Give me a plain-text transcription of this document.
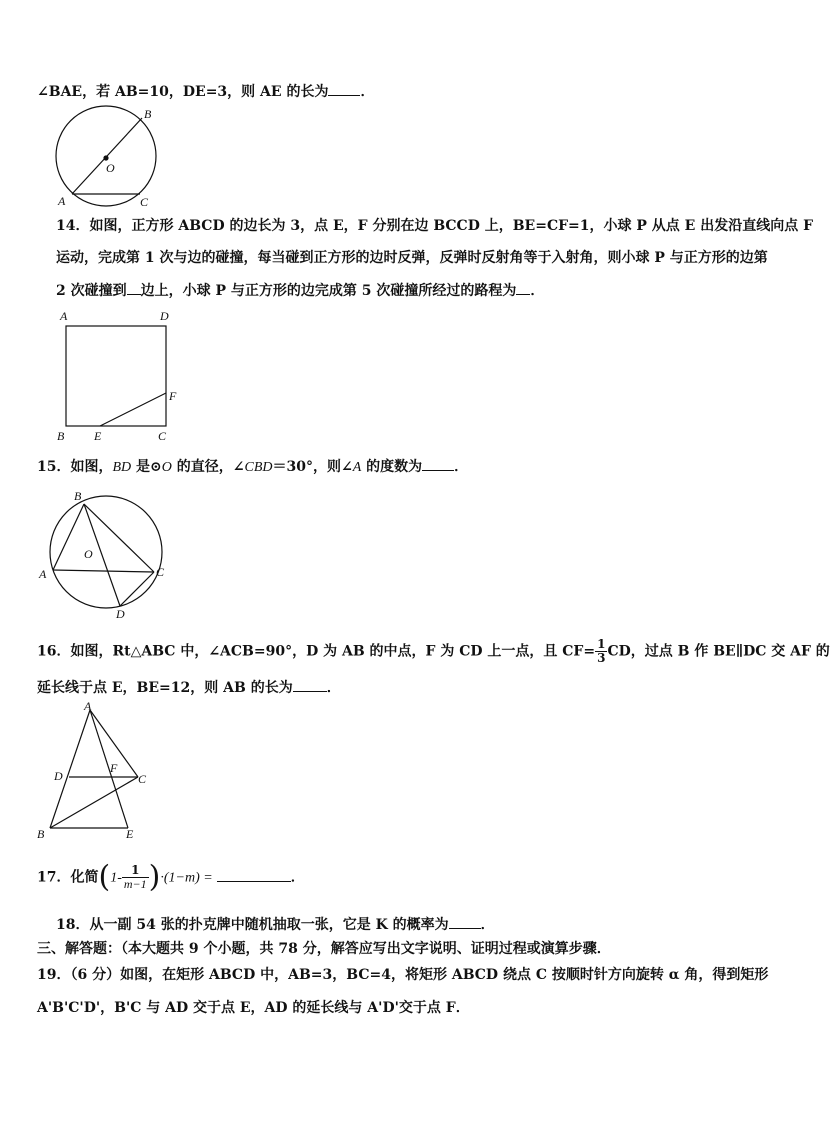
∠BAE，若 AB=10，DE=3，则 AE 的长为 ．
B
O
A	C
14．如图，正方形 ABCD 的边长为 3，点 E，F 分别在边 BCCD 上，BE=CF=1，小球 P 从点 E 出发沿直线向点 F
运动，完成第 1 次与边的碰撞，每当碰到正方形的边时反弹，反弹时反射角等于入射角，则小球 P 与正方形的边第
2 次碰撞到 边上，小球 P 与正方形的边完成第 5 次碰撞所经过的路程为 ．
A	D
F
B E	C
15．如图，BD 是⊙O 的直径，∠CBD＝30°，则∠A 的度数为 ．
B
O
A	C
D
16．如图，Rt△ABC 中，∠ACB=90°，D 为 AB 的中点，F 为 CD 上一点，且 $CF= \frac{1}{3}$ CD，过点 B 作 BE∥DC 交 AF 的
延长线于点 E，BE=12，则 AB 的长为 ．
A
D
F
C
B	E
17．化简$(1- \frac{1}{m-1} )\cdot(1-m)$ =	．
18．从一副 54 张的扑克牌中随机抽取一张，它是 K 的概率为 ．
三、解答题：（本大题共 9 个小题，共 78 分，解答应写出文字说明、证明过程或演算步骤．
19．（6 分）如图，在矩形 ABCD 中，AB=3，BC=4，将矩形 ABCD 绕点 C 按顺时针方向旋转 α 角，得到矩形
A'B'C'D'，B'C 与 AD 交于点 E，AD 的延长线与 A'D'交于点 F．
